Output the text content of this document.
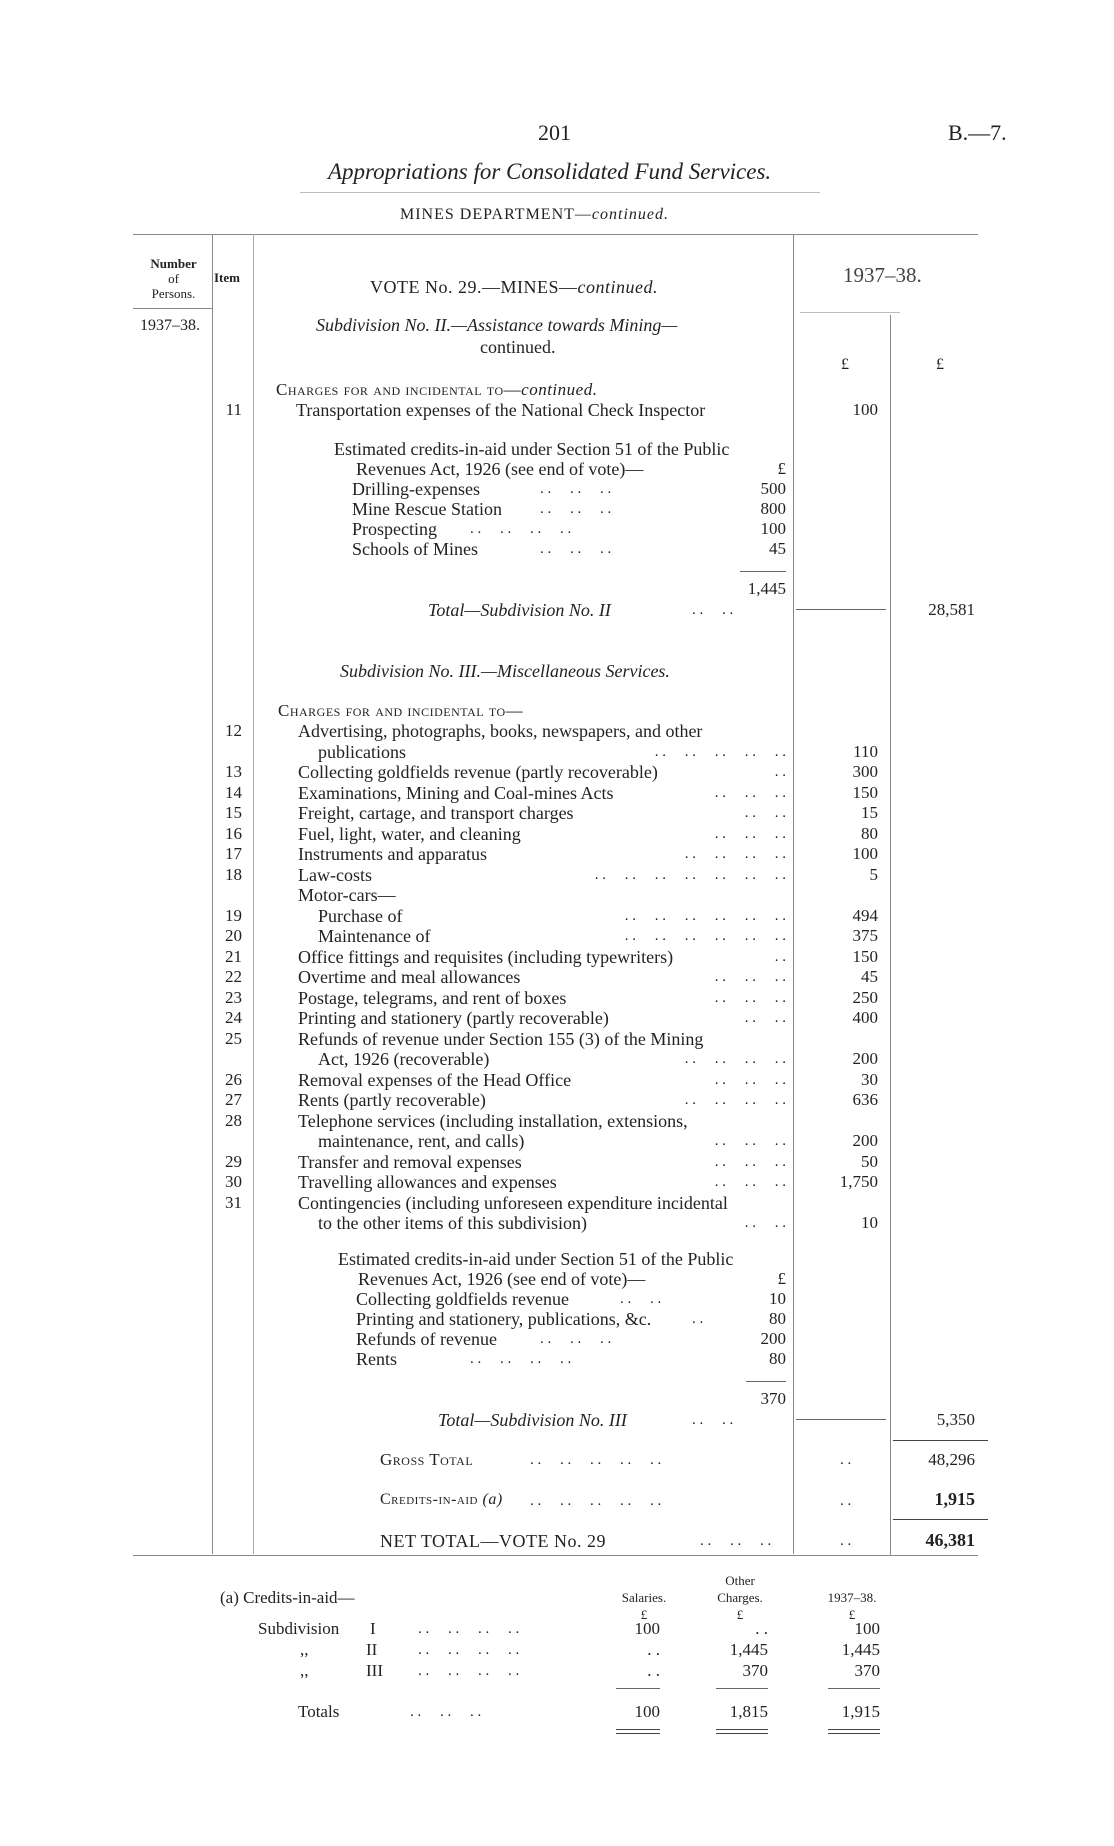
201	B.—7.
Appropriations for Consolidated Fund Services.
MINES DEPARTMENT—continued.
Number
of
Persons.
Item	VOTE No. 29.—MINES—continued.	1937–38.
1937–38.
£	£
Subdivision No. II.—Assistance towards Mining—
continued.
Charges for and incidental to—continued.
11	Transportation expenses of the National Check Inspector	100
Estimated credits-in-aid under Section 51 of the Public
Revenues Act, 1926 (see end of vote)—	£
Drilling-expenses	. .     . .     . .	500
Mine Rescue Station	. .     . .     . .	800
Prospecting . .     . .     . .     . .	100
Schools of Mines	. .     . .     . .	45
1,445
Total—Subdivision No. II	. .     . .	28,581
Subdivision No. III.—Miscellaneous Services.
Charges for and incidental to—
12	Advertising, photographs, books, newspapers, and other
publications	. .     . .     . .     . .     . .	110
13	Collecting goldfields revenue (partly recoverable)	. .	300
14	Examinations, Mining and Coal-mines Acts	. .     . .     . .	150
15	Freight, cartage, and transport charges	. .     . .	15
16	Fuel, light, water, and cleaning	. .     . .     . .	80
17	Instruments and apparatus	. .     . .     . .     . .	100
18	Law-costs	. .     . .     . .     . .     . .     . .     . .	5
Motor-cars—
19	Purchase of	. .     . .     . .     . .     . .     . .	494
20	Maintenance of	. .     . .     . .     . .     . .     . .	375
21	Office fittings and requisites (including typewriters)	. .	150
22	Overtime and meal allowances	. .     . .     . .	45
23	Postage, telegrams, and rent of boxes	. .     . .     . .	250
24	Printing and stationery (partly recoverable)	. .     . .	400
25	Refunds of revenue under Section 155 (3) of the Mining
Act, 1926 (recoverable)	. .     . .     . .     . .	200
26	Removal expenses of the Head Office	. .     . .     . .	30
27	Rents (partly recoverable)	. .     . .     . .     . .	636
28	Telephone services (including installation, extensions,
maintenance, rent, and calls)	. .     . .     . .	200
29	Transfer and removal expenses	. .     . .     . .	50
30	Travelling allowances and expenses	. .     . .     . .	1,750
31	Contingencies (including unforeseen expenditure incidental
to the other items of this subdivision)	. .     . .	10
Estimated credits-in-aid under Section 51 of the Public
Revenues Act, 1926 (see end of vote)—	£
Collecting goldfields revenue	. .     . .	10
Printing and stationery, publications, &c.	. .	80
Refunds of revenue	. .     . .     . .	200
Rents	. .     . .     . .     . .	80
370
Total—Subdivision No. III	. .     . .	5,350
Gross Total	. .     . .     . .     . .     . .	. .	48,296
Credits-in-aid (a) . .     . .     . .     . .     . .	. .	1,915
NET TOTAL—VOTE No. 29	. .     . .     . .	. .	46,381
(a) Credits-in-aid—	Salaries.
Other
Charges.	1937–38.
£	£	£
Subdivision I	. .     . .     . .     . .	100	. .	100
,,	II	. .     . .     . .     . .	. .	1,445	1,445
,,	III . .     . .     . .     . .	. .	370	370
Totals	. .     . .     . .	100	1,815	1,915
